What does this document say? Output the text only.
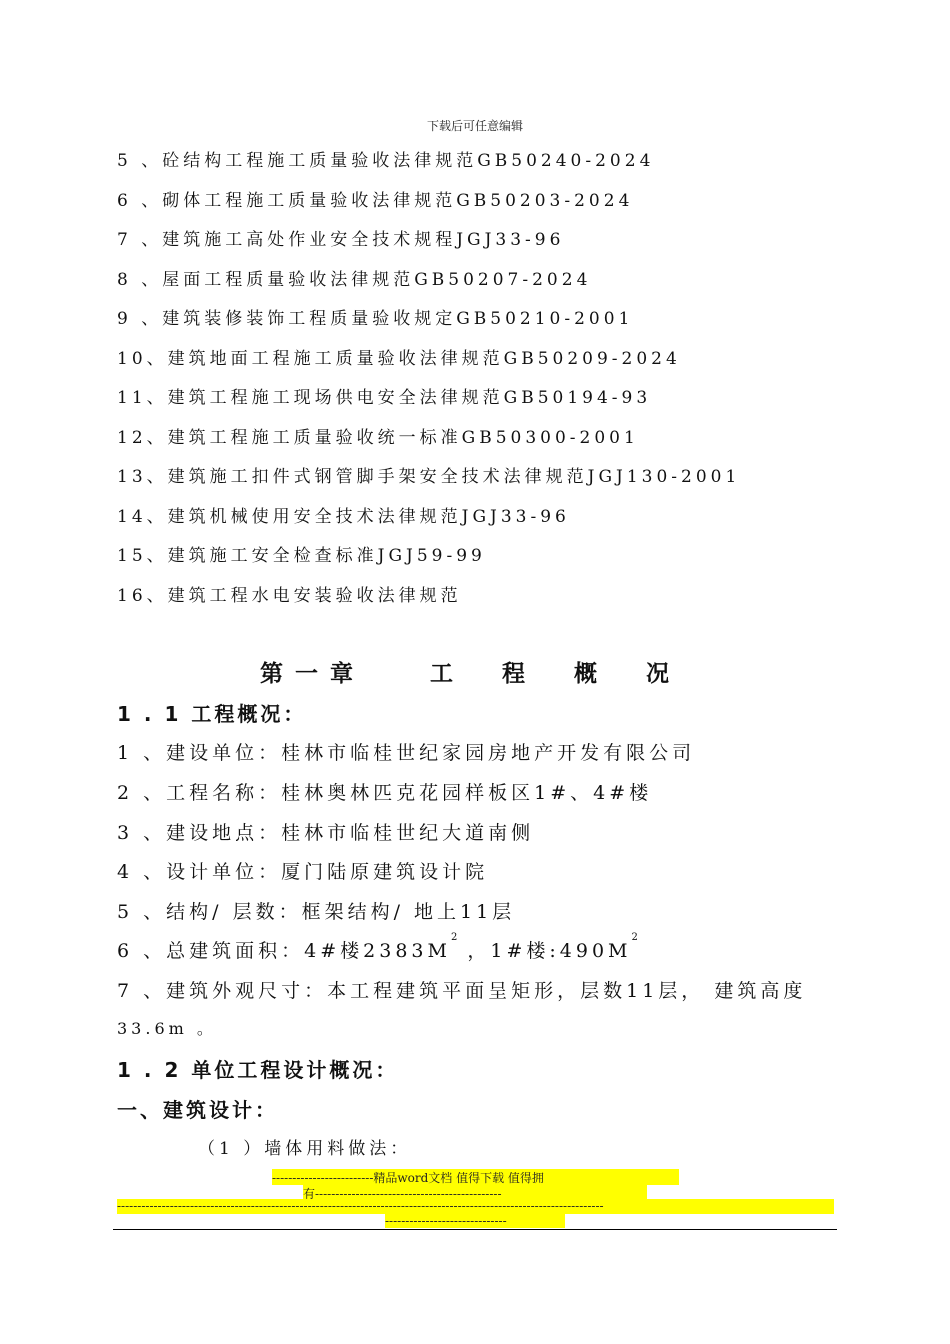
下载后可任意编辑
5 、砼结构工程施工质量验收法律规范GB50240-2024
6 、砌体工程施工质量验收法律规范GB50203-2024
7 、建筑施工高处作业安全技术规程JGJ33-96
8 、屋面工程质量验收法律规范GB50207-2024
9 、建筑装修装饰工程质量验收规定GB50210-2001
10、建筑地面工程施工质量验收法律规范GB50209-2024
11、建筑工程施工现场供电安全法律规范GB50194-93
12、建筑工程施工质量验收统一标准GB50300-2001
13、建筑施工扣件式钢管脚手架安全技术法律规范JGJ130-2001
14、建筑机械使用安全技术法律规范JGJ33-96
15、建筑施工安全检查标准JGJ59-99
16、建筑工程水电安装验收法律规范
第 一 章	工 程 概 况
1 . 1 工程概况：
1 、建设单位：桂林市临桂世纪家园房地产开发有限公司
2 、工程名称：桂林奥林匹克花园样板区1#、4#楼
3 、建设地点：桂林市临桂世纪大道南侧
4 、设计单位：厦门陆原建筑设计院
5 、结构/ 层数：框架结构/ 地上11层
6 、总建筑面积：4#楼$2383M^2$ ，1#楼$:490M^2$
7 、建筑外观尺寸：本工程建筑平面呈矩形，层数11层， 建筑高度
33.6m 。
1 . 2 单位工程设计概况：
一、建筑设计：
（1 ）墙体用料做法：
-------------------------精品word文档 值得下载 值得拥
有----------------------------------------------
------------------------------------------------------------------------------------------------------------------------
------------------------------
